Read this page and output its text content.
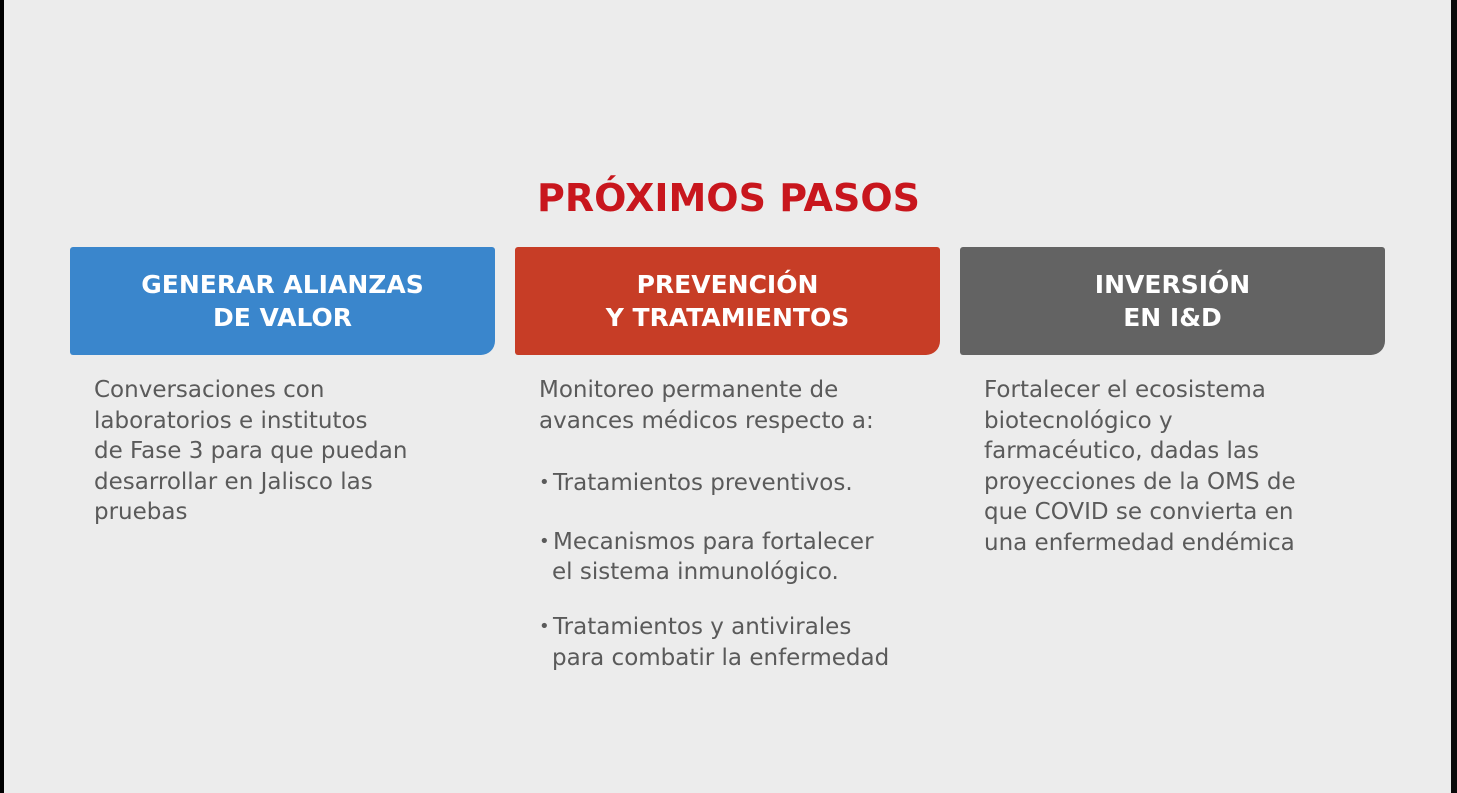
PRÓXIMOS PASOS
GENERAR ALIANZAS
DE VALOR
PREVENCIÓN
Y TRATAMIENTOS
INVERSIÓN
EN I&D
Conversaciones con
laboratorios e institutos
de Fase 3 para que puedan
desarrollar en Jalisco las
pruebas
Monitoreo permanente de
avances médicos respecto a:
• Tratamientos preventivos.
• Mecanismos para fortalecer
el sistema inmunológico.
• Tratamientos y antivirales
para combatir la enfermedad
Fortalecer el ecosistema
biotecnológico y
farmacéutico, dadas las
proyecciones de la OMS de
que COVID se convierta en
una enfermedad endémica
